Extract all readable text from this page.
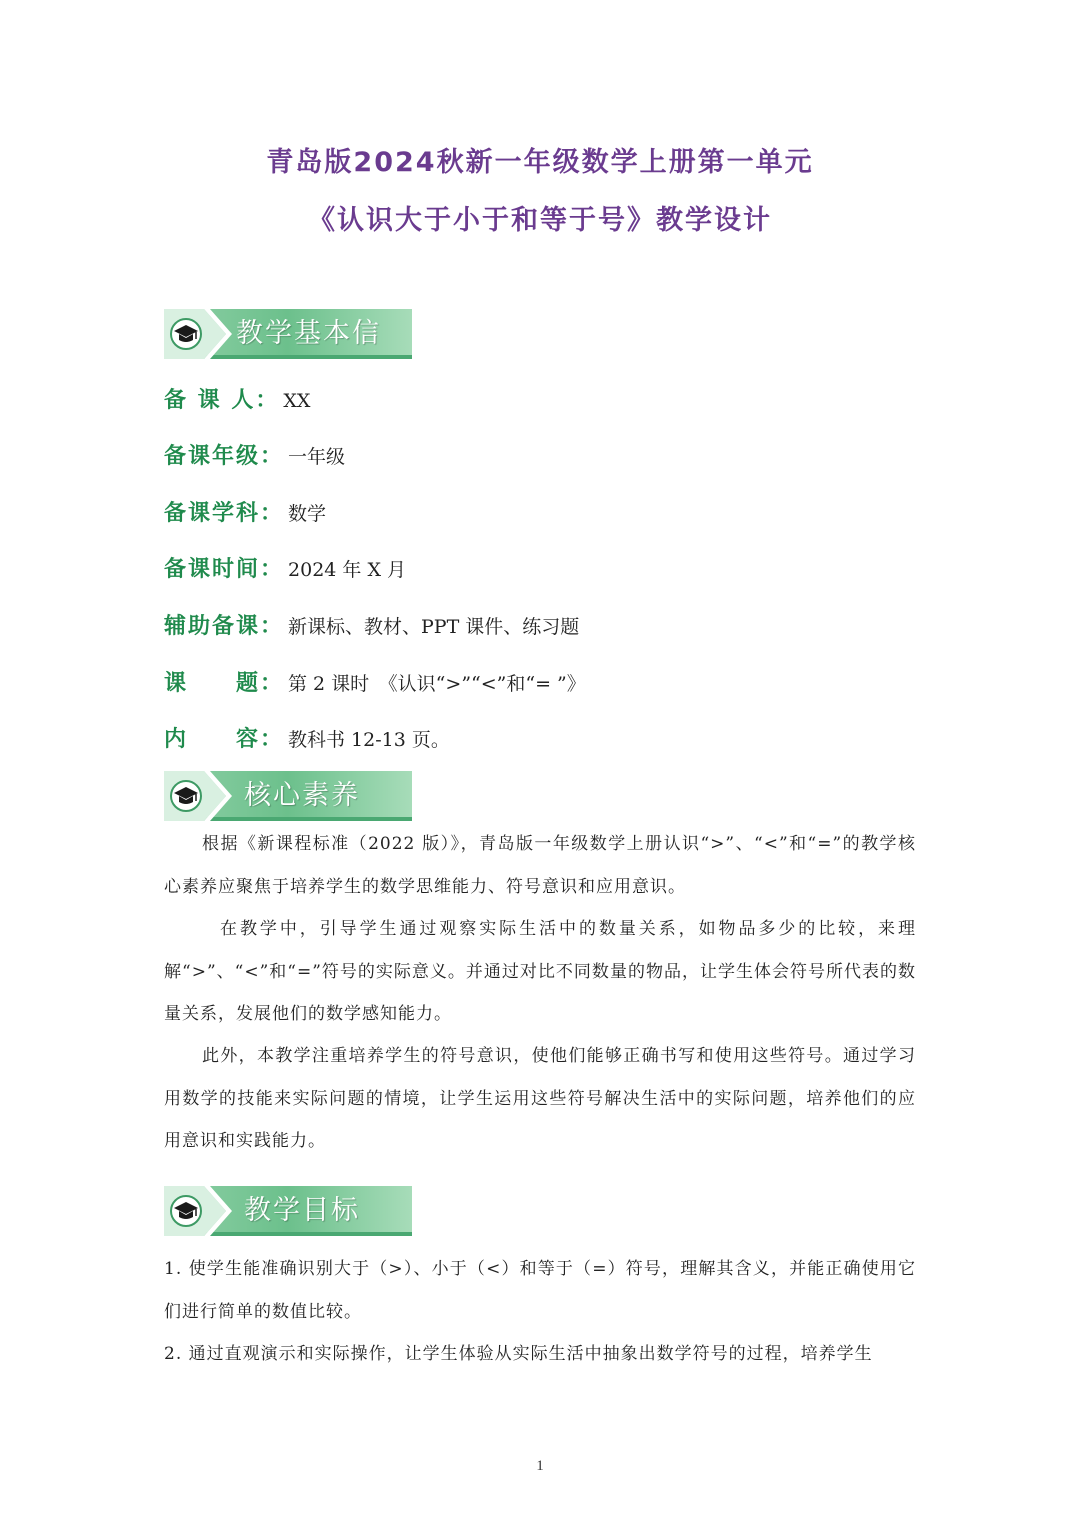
青岛版2024秋新一年级数学上册第一单元
《认识大于小于和等于号》教学设计
教学基本信
备 课 人： XX
备课年级： 一年级
备课学科： 数学
备课时间： 2024 年 X 月
辅助备课： 新课标、教材、PPT 课件、练习题
课　　题： 第 2 课时　《认识“>”“<”和“= ”》
内　　容： 教科书 12-13 页。
核心素养
根据《新课程标准（2022 版）》，青岛版一年级数学上册认识“>”、“<”和“=”的教学核心素养应聚焦于培养学生的数学思维能力、符号意识和应用意识。
在教学中，引导学生通过观察实际生活中的数量关系，如物品多少的比较，来理解“>”、“<”和“=”符号的实际意义。并通过对比不同数量的物品，让学生体会符号所代表的数量关系，发展他们的数学感知能力。
此外，本教学注重培养学生的符号意识，使他们能够正确书写和使用这些符号。通过学习用数学的技能来实际问题的情境，让学生运用这些符号解决生活中的实际问题，培养他们的应用意识和实践能力。
教学目标
1. 使学生能准确识别大于（>）、小于（<）和等于（=）符号，理解其含义，并能正确使用它们进行简单的数值比较。
2. 通过直观演示和实际操作，让学生体验从实际生活中抽象出数学符号的过程，培养学生
1
